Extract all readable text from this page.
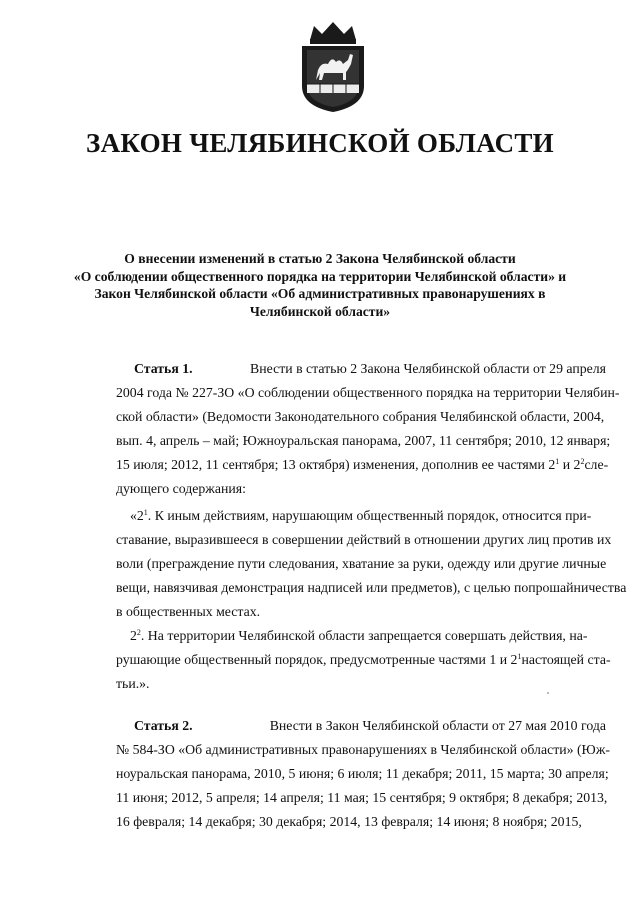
ЗАКОН ЧЕЛЯБИНСКОЙ ОБЛАСТИ
О внесении изменений в статью 2 Закона Челябинской области
«О соблюдении общественного порядка на территории Челябинской области» и
Закон Челябинской области «Об административных правонарушениях в
Челябинской области»
Статья 1.	Внести в статью 2 Закона Челябинской области от 29 апреля
2004 года № 227-ЗО «О соблюдении общественного порядка на территории Челябин-
ской области» (Ведомости Законодательного собрания Челябинской области, 2004,
вып. 4, апрель – май; Южноуральская панорама, 2007, 11 сентября; 2010, 12 января;
15 июля; 2012, 11 сентября; 13 октября) изменения, дополнив ее частями $2^1$ и $2^2$ сле-
дующего содержания:
«$2^1$. К иным действиям, нарушающим общественный порядок, относится при-
ставание, выразившееся в совершении действий в отношении других лиц против их
воли (преграждение пути следования, хватание за руки, одежду или другие личные
вещи, навязчивая демонстрация надписей или предметов), с целью попрошайничества
в общественных местах.
$2^2$. На территории Челябинской области запрещается совершать действия, на-
рушающие общественный порядок, предусмотренные частями 1 и $2^1$ настоящей ста-
тьи.».
Статья 2.	Внести в Закон Челябинской области от 27 мая 2010 года
№ 584-ЗО «Об административных правонарушениях в Челябинской области» (Юж-
ноуральская панорама, 2010, 5 июня; 6 июля; 11 декабря; 2011, 15 марта; 30 апреля;
11 июня; 2012, 5 апреля; 14 апреля; 11 мая; 15 сентября; 9 октября; 8 декабря; 2013,
16 февраля; 14 декабря; 30 декабря; 2014, 13 февраля; 14 июня; 8 ноября; 2015,
